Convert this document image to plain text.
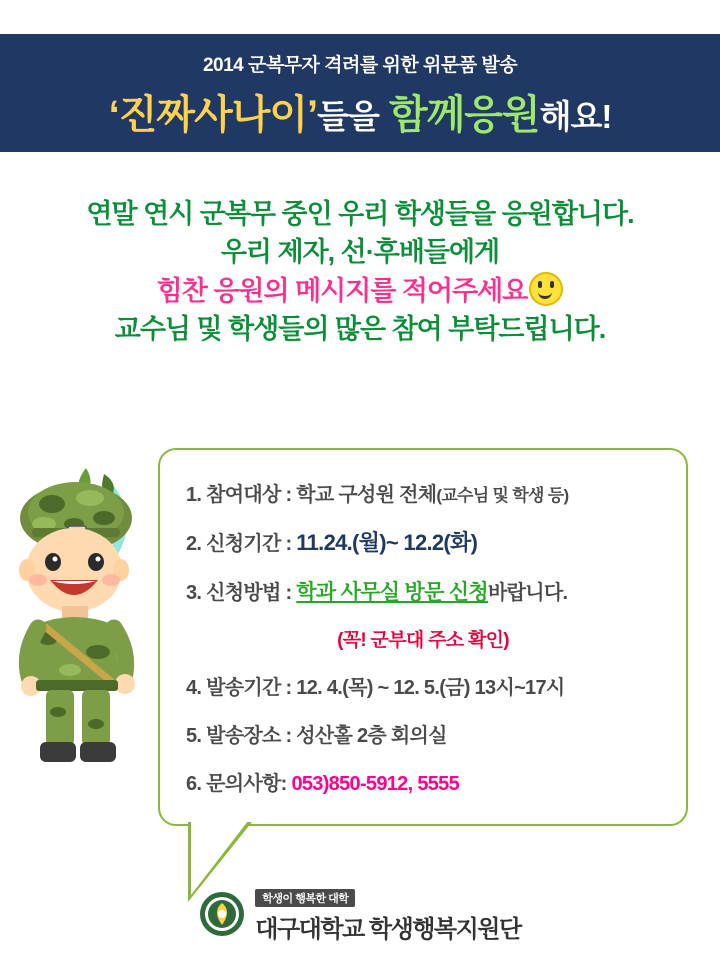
2014 군복무자 격려를 위한 위문품 발송
‘진짜사나이’들을 함께응원해요!
연말 연시 군복무 중인 우리 학생들을 응원합니다.
우리 제자, 선·후배들에게
힘찬 응원의 메시지를 적어주세요
교수님 및 학생들의 많은 참여 부탁드립니다.
1. 참여대상 : 학교 구성원 전체(교수님 및 학생 등)
2. 신청기간 : 11.24.(월)~ 12.2(화)
3. 신청방법 : 학과 사무실 방문 신청바랍니다.
(꼭! 군부대 주소 확인)
4. 발송기간 : 12. 4.(목) ~ 12. 5.(금) 13시~17시
5. 발송장소 : 성산홀 2층 회의실
6. 문의사항: 053)850-5912, 5555
학생이 행복한 대학
대구대학교 학생행복지원단
